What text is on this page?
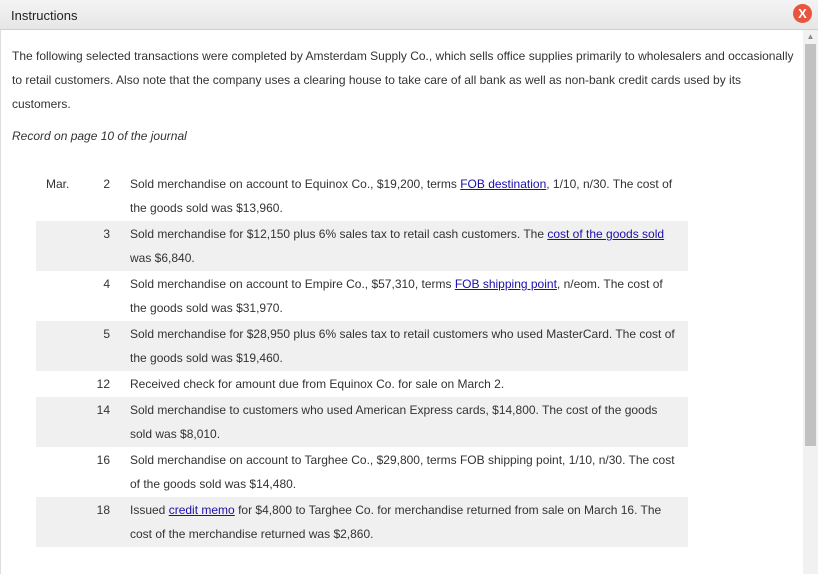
Instructions	X
The following selected transactions were completed by Amsterdam Supply Co., which sells office supplies primarily to wholesalers and occasionally to retail customers. Also note that the company uses a clearing house to take care of all bank as well as non-bank credit cards used by its customers.
Record on page 10 of the journal
Mar.	2 Sold merchandise on account to Equinox Co., $19,200, terms FOB destination, 1/10, n/30. The cost of the goods sold was $13,960.
3 Sold merchandise for $12,150 plus 6% sales tax to retail cash customers. The cost of the goods sold was $6,840.
4 Sold merchandise on account to Empire Co., $57,310, terms FOB shipping point, n/eom. The cost of the goods sold was $31,970.
5 Sold merchandise for $28,950 plus 6% sales tax to retail customers who used MasterCard. The cost of the goods sold was $19,460.
12 Received check for amount due from Equinox Co. for sale on March 2.
14 Sold merchandise to customers who used American Express cards, $14,800. The cost of the goods sold was $8,010.
16 Sold merchandise on account to Targhee Co., $29,800, terms FOB shipping point, 1/10, n/30. The cost of the goods sold was $14,480.
18 Issued credit memo for $4,800 to Targhee Co. for merchandise returned from sale on March 16. The cost of the merchandise returned was $2,860.
▲
